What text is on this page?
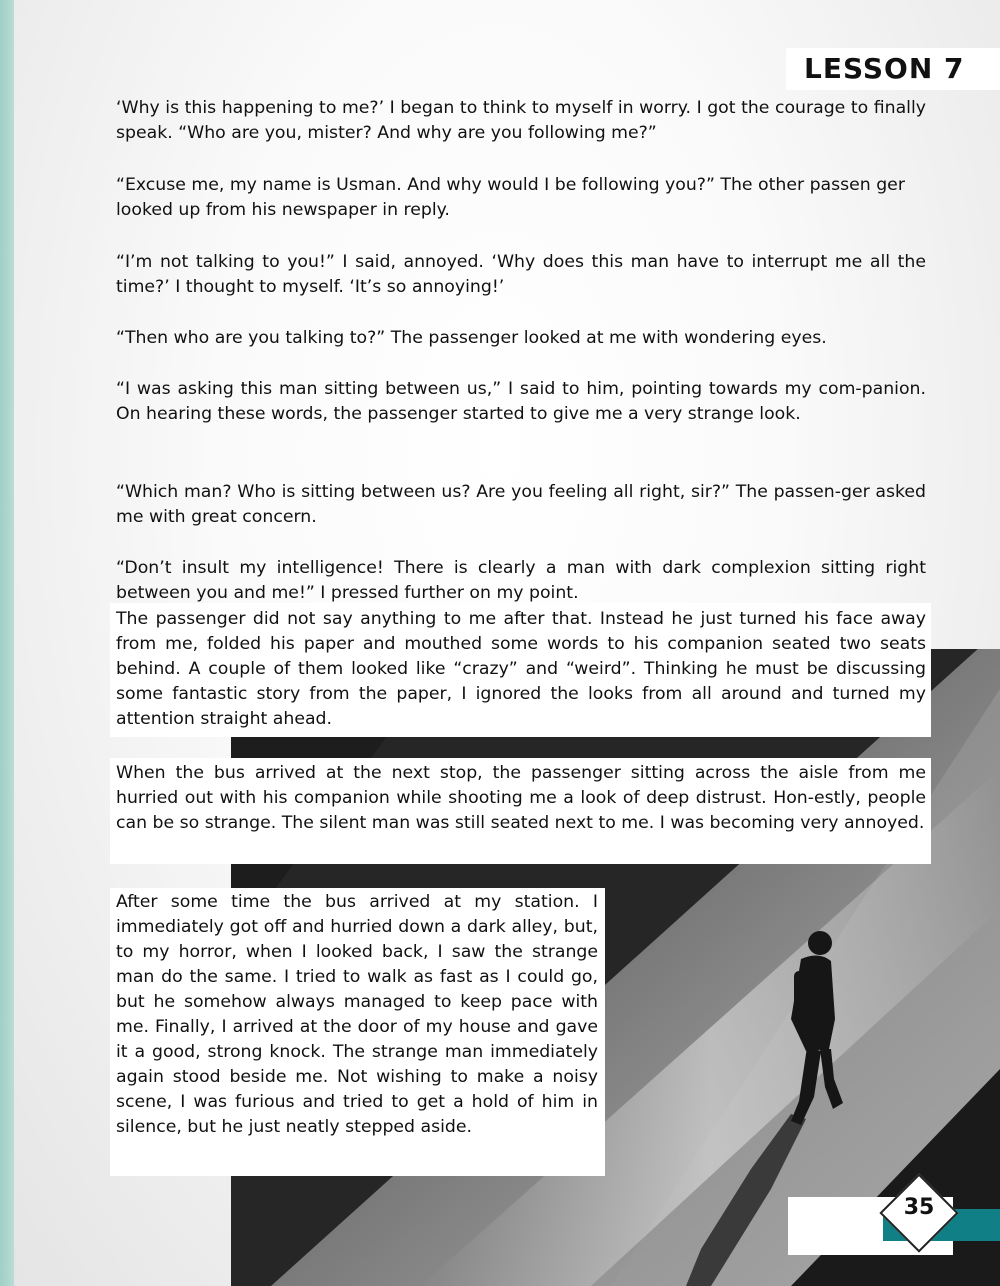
LESSON 7

‘Why is this happening to me?’ I began to think to myself in worry. I got the courage to finally speak. “Who are you, mister? And why are you following me?”

“Excuse me, my name is Usman. And why would I be following you?” The other passen ger looked up from his newspaper in reply.

“I’m not talking to you!” I said, annoyed. ‘Why does this man have to interrupt me all the time?’ I thought to myself. ‘It’s so annoying!’

“Then who are you talking to?” The passenger looked at me with wondering eyes.

“I was asking this man sitting between us,” I said to him, pointing towards my com-panion. On hearing these words, the passenger started to give me a very strange look.

“Which man? Who is sitting between us? Are you feeling all right, sir?” The passen-ger asked me with great concern.

“Don’t insult my intelligence! There is clearly a man with dark complexion sitting right between you and me!” I pressed further on my point.

The passenger did not say anything to me after that. Instead he just turned his face away from me, folded his paper and mouthed some words to his companion seated two seats behind. A couple of them looked like “crazy” and “weird”. Thinking he must be discussing some fantastic story from the paper, I ignored the looks from all around and turned my attention straight ahead.

When the bus arrived at the next stop, the passenger sitting across the aisle from me hurried out with his companion while shooting me a look of deep distrust. Hon-estly, people can be so strange. The silent man was still seated next to me. I was becoming very annoyed.

After some time the bus arrived at my station. I immediately got off and hurried down a dark alley, but, to my horror, when I looked back, I saw the strange man do the same. I tried to walk as fast as I could go, but he somehow always managed to keep pace with me. Finally, I arrived at the door of my house and gave it a good, strong knock. The strange man immediately again stood beside me. Not wishing to make a noisy scene, I was furious and tried to get a hold of him in silence, but he just neatly stepped aside.

35
